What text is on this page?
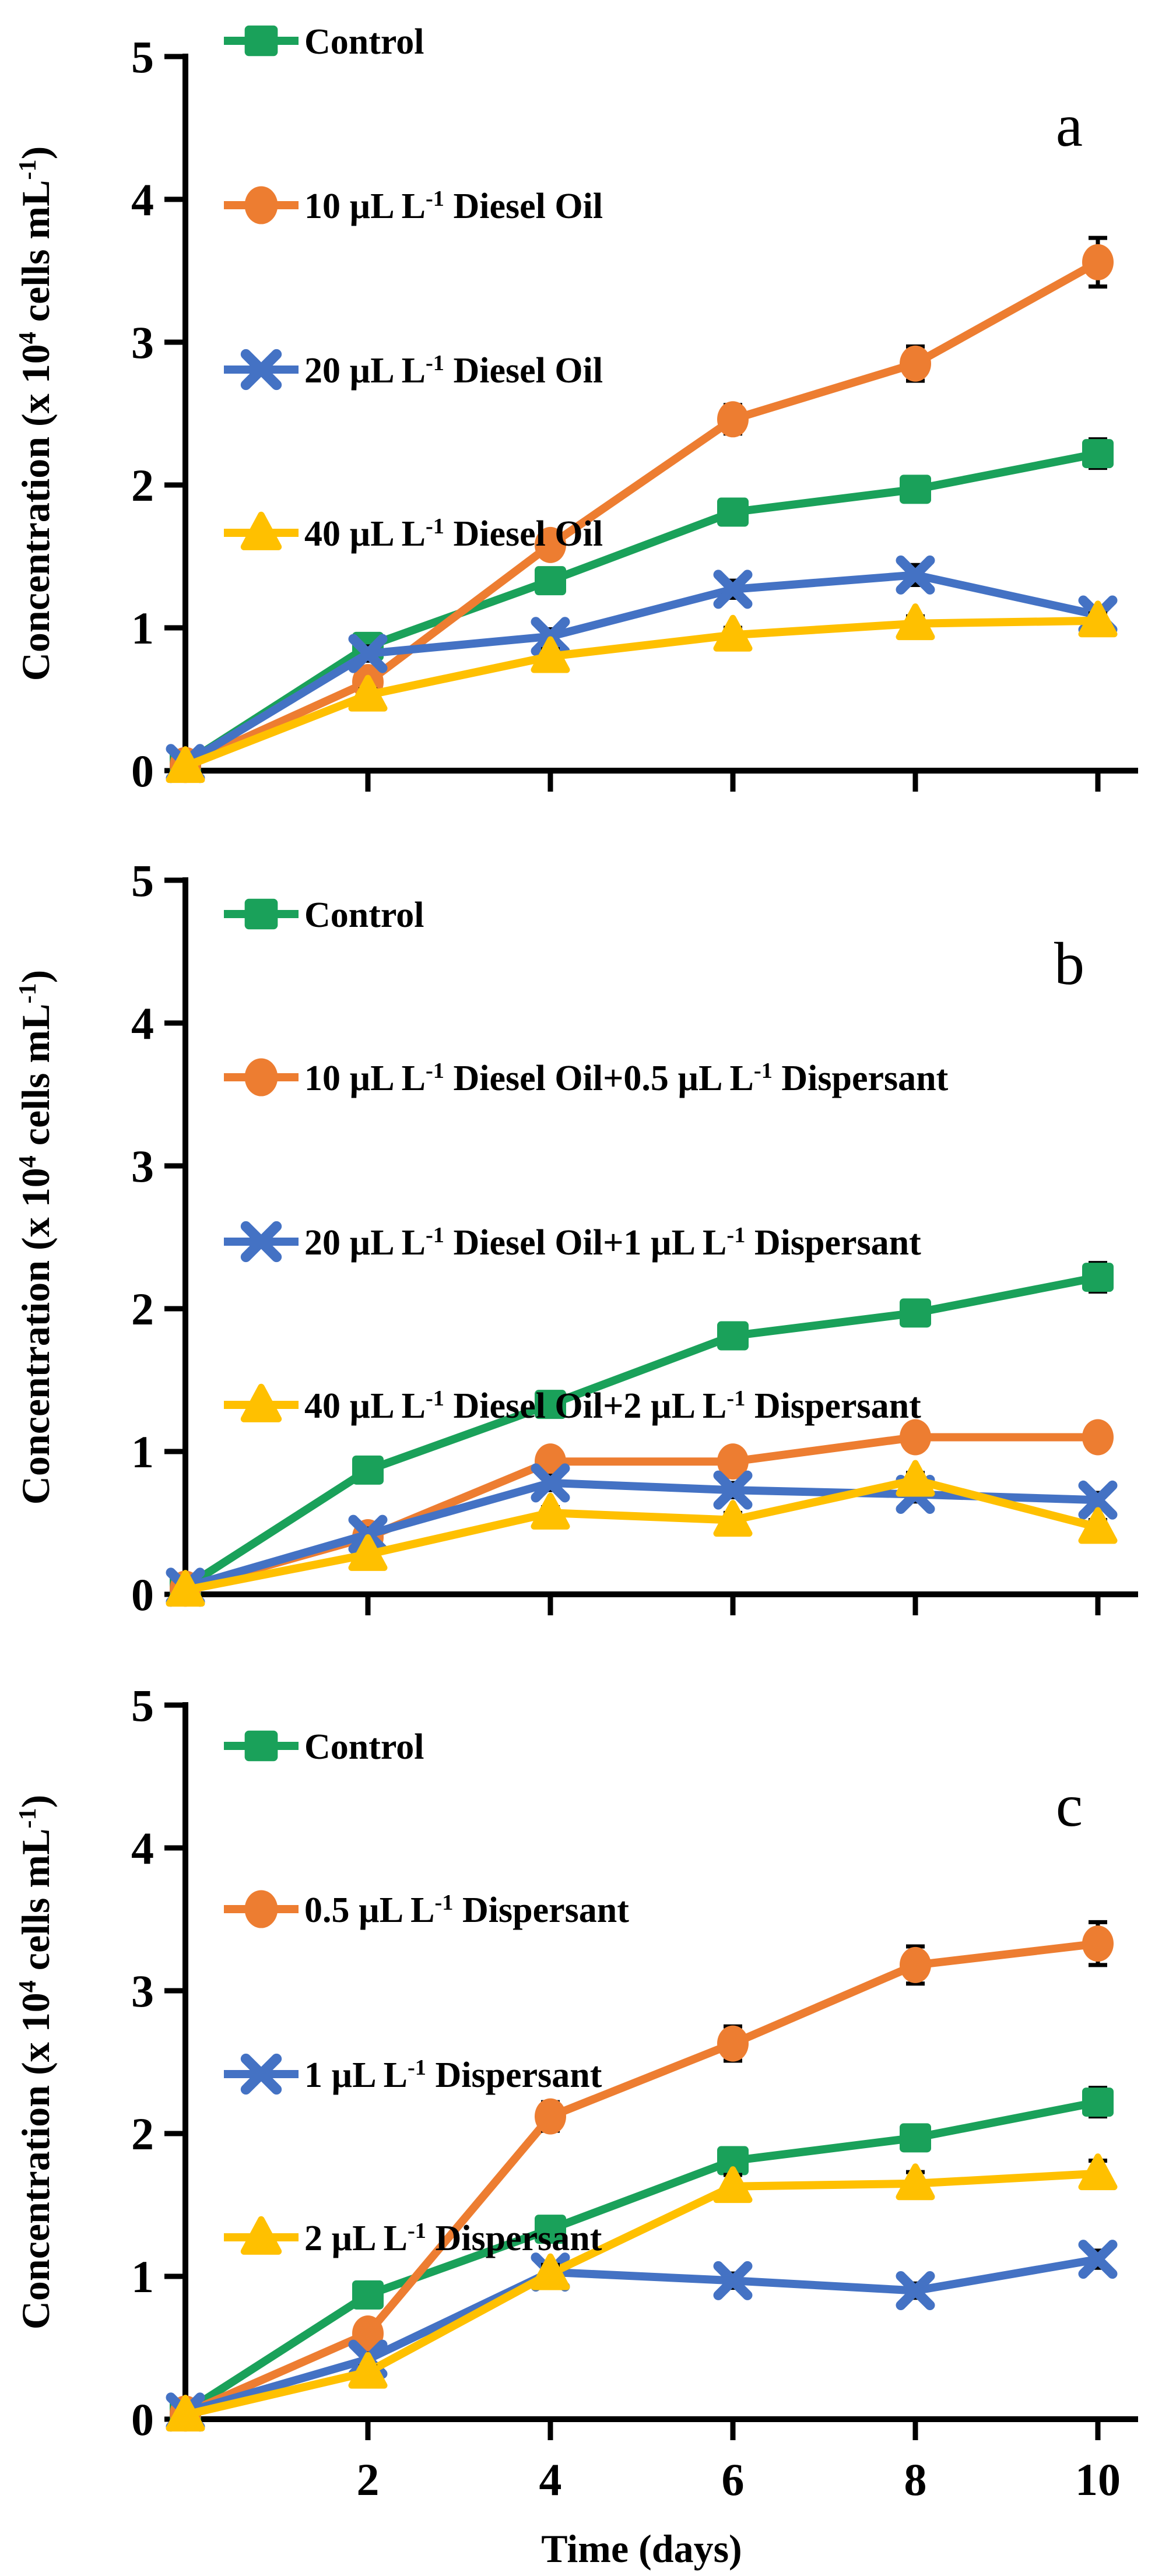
0
1
2
3
4
5
Concentration (x $10^4$ cells $mL^{-1}$)
Control
10 µL $L^{-1}$ Diesel Oil
20 µL $L^{-1}$ Diesel Oil
40 µL $L^{-1}$ Diesel Oil
a
0
1
2
3
4
5
Concentration (x $10^4$ cells $mL^{-1}$)
Control
10 µL $L^{-1}$ Diesel Oil+0.5 µL $L^{-1}$ Dispersant
20 µL $L^{-1}$ Diesel Oil+1 µL $L^{-1}$ Dispersant
40 µL $L^{-1}$ Diesel Oil+2 µL $L^{-1}$ Dispersant
b
0
1
2
3
4
5
2	4	6	8	10
Concentration (x $10^4$ cells $mL^{-1}$)
Time (days)
Control
0.5 µL $L^{-1}$ Dispersant
1 µL $L^{-1}$ Dispersant
2 µL $L^{-1}$ Dispersant
c
